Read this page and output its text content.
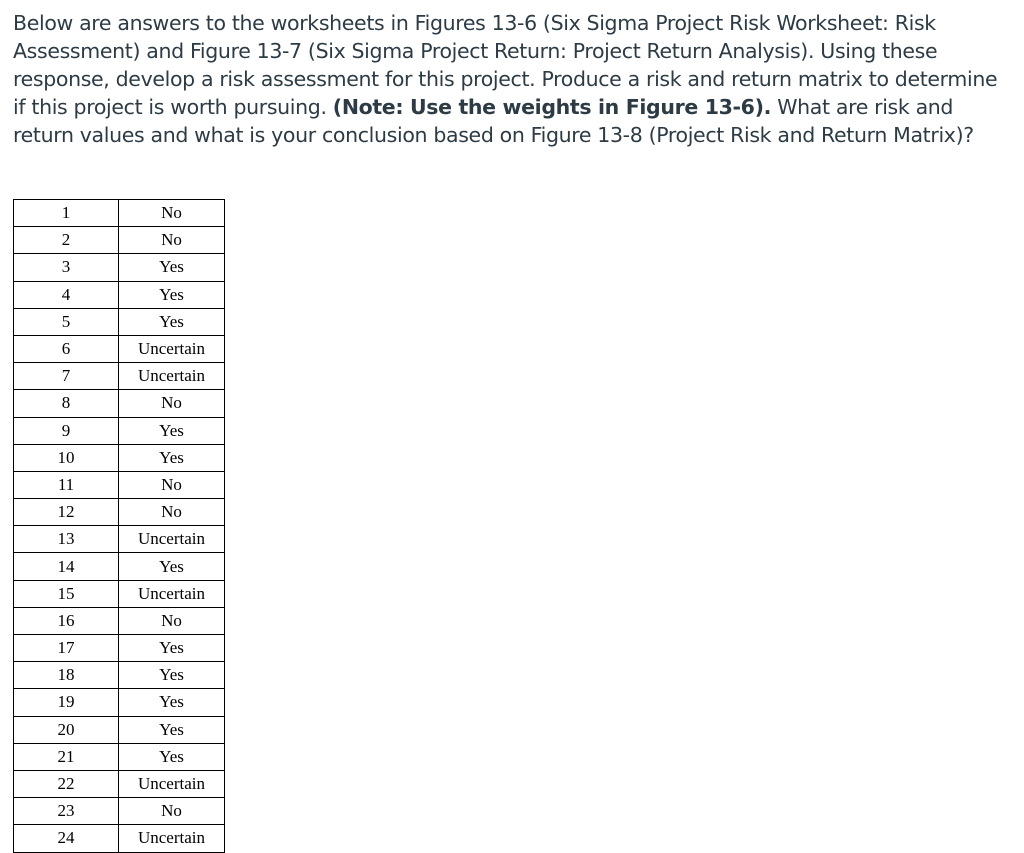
Below are answers to the worksheets in Figures 13-6 (Six Sigma Project Risk Worksheet: Risk Assessment) and Figure 13-7 (Six Sigma Project Return: Project Return Analysis). Using these response, develop a risk assessment for this project. Produce a risk and return matrix to determine if this project is worth pursuing. (Note: Use the weights in Figure 13-6). What are risk and return values and what is your conclusion based on Figure 13-8 (Project Risk and Return Matrix)?

1	No
2	No
3	Yes
4	Yes
5	Yes
6	Uncertain
7	Uncertain
8	No
9	Yes
10	Yes
11	No
12	No
13	Uncertain
14	Yes
15	Uncertain
16	No
17	Yes
18	Yes
19	Yes
20	Yes
21	Yes
22	Uncertain
23	No
24	Uncertain
